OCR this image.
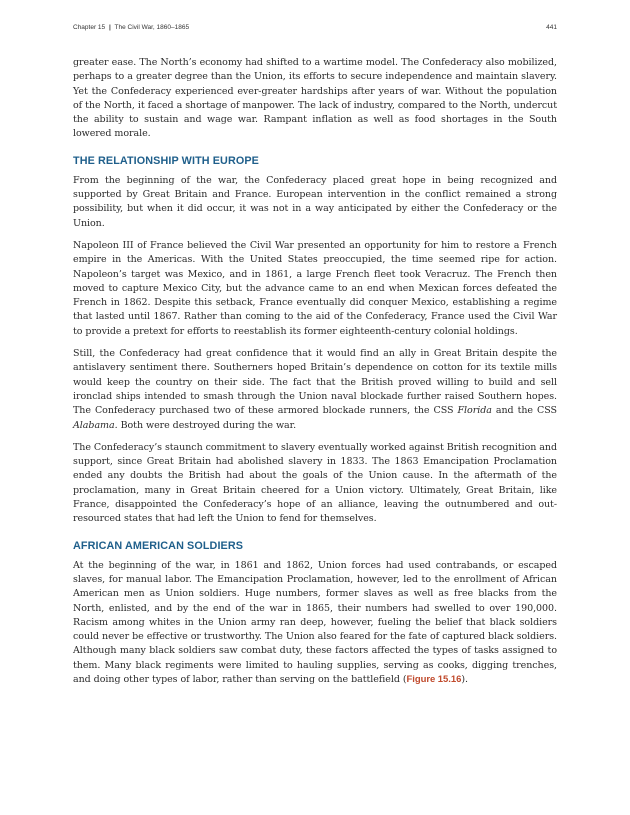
Chapter 15 | The Civil War, 1860–1865	441

greater ease. The North’s economy had shifted to a wartime model. The Confederacy also mobilized, perhaps to a greater degree than the Union, its efforts to secure independence and maintain slavery. Yet the Confederacy experienced ever-greater hardships after years of war. Without the population of the North, it faced a shortage of manpower. The lack of industry, compared to the North, undercut the ability to sustain and wage war. Rampant inflation as well as food shortages in the South lowered morale.

THE RELATIONSHIP WITH EUROPE

From the beginning of the war, the Confederacy placed great hope in being recognized and supported by Great Britain and France. European intervention in the conflict remained a strong possibility, but when it did occur, it was not in a way anticipated by either the Confederacy or the Union.

Napoleon III of France believed the Civil War presented an opportunity for him to restore a French empire in the Americas. With the United States preoccupied, the time seemed ripe for action. Napoleon’s target was Mexico, and in 1861, a large French fleet took Veracruz. The French then moved to capture Mexico City, but the advance came to an end when Mexican forces defeated the French in 1862. Despite this setback, France eventually did conquer Mexico, establishing a regime that lasted until 1867. Rather than coming to the aid of the Confederacy, France used the Civil War to provide a pretext for efforts to reestablish its former eighteenth-century colonial holdings.

Still, the Confederacy had great confidence that it would find an ally in Great Britain despite the antislavery sentiment there. Southerners hoped Britain’s dependence on cotton for its textile mills would keep the country on their side. The fact that the British proved willing to build and sell ironclad ships intended to smash through the Union naval blockade further raised Southern hopes. The Confederacy purchased two of these armored blockade runners, the CSS Florida and the CSS Alabama. Both were destroyed during the war.

The Confederacy’s staunch commitment to slavery eventually worked against British recognition and support, since Great Britain had abolished slavery in 1833. The 1863 Emancipation Proclamation ended any doubts the British had about the goals of the Union cause. In the aftermath of the proclamation, many in Great Britain cheered for a Union victory. Ultimately, Great Britain, like France, disappointed the Confederacy’s hope of an alliance, leaving the outnumbered and out-resourced states that had left the Union to fend for themselves.

AFRICAN AMERICAN SOLDIERS

At the beginning of the war, in 1861 and 1862, Union forces had used contrabands, or escaped slaves, for manual labor. The Emancipation Proclamation, however, led to the enrollment of African American men as Union soldiers. Huge numbers, former slaves as well as free blacks from the North, enlisted, and by the end of the war in 1865, their numbers had swelled to over 190,000. Racism among whites in the Union army ran deep, however, fueling the belief that black soldiers could never be effective or trustworthy. The Union also feared for the fate of captured black soldiers. Although many black soldiers saw combat duty, these factors affected the types of tasks assigned to them. Many black regiments were limited to hauling supplies, serving as cooks, digging trenches, and doing other types of labor, rather than serving on the battlefield (Figure 15.16).
